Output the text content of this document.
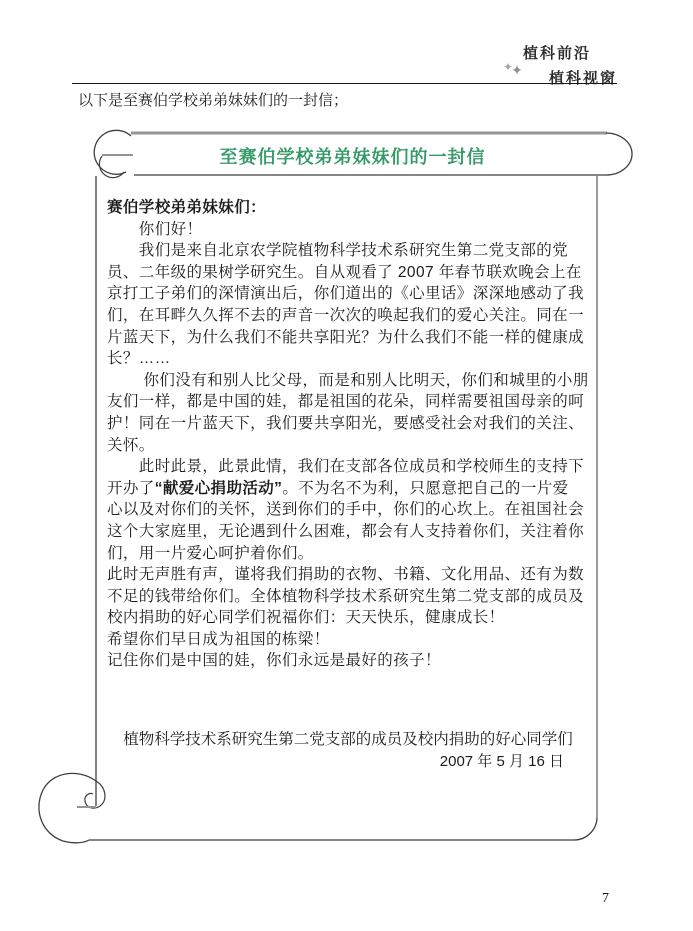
植科前沿
✦✦ 植科视窗
以下是至赛伯学校弟弟妹妹们的一封信；
至赛伯学校弟弟妹妹们的一封信
赛伯学校弟弟妹妹们：
　　你们好！
　　我们是来自北京农学院植物科学技术系研究生第二党支部的党
员、二年级的果树学研究生。自从观看了 2007 年春节联欢晚会上在
京打工子弟们的深情演出后，你们道出的《心里话》深深地感动了我
们，在耳畔久久挥不去的声音一次次的唤起我们的爱心关注。同在一
片蓝天下，为什么我们不能共享阳光？为什么我们不能一样的健康成
长？……
　　 你们没有和别人比父母，而是和别人比明天，你们和城里的小朋
友们一样，都是中国的娃，都是祖国的花朵，同样需要祖国母亲的呵
护！同在一片蓝天下，我们要共享阳光，要感受社会对我们的关注、
关怀。
　　此时此景，此景此情，我们在支部各位成员和学校师生的支持下
开办了“献爱心捐助活动”。不为名不为利，只愿意把自己的一片爱
心以及对你们的关怀，送到你们的手中，你们的心坎上。在祖国社会
这个大家庭里，无论遇到什么困难，都会有人支持着你们，关注着你
们，用一片爱心呵护着你们。
此时无声胜有声，谨将我们捐助的衣物、书籍、文化用品、还有为数
不足的钱带给你们。全体植物科学技术系研究生第二党支部的成员及
校内捐助的好心同学们祝福你们：天天快乐，健康成长！
希望你们早日成为祖国的栋梁！
记住你们是中国的娃，你们永远是最好的孩子！
植物科学技术系研究生第二党支部的成员及校内捐助的好心同学们
2007 年 5 月 16 日
7
